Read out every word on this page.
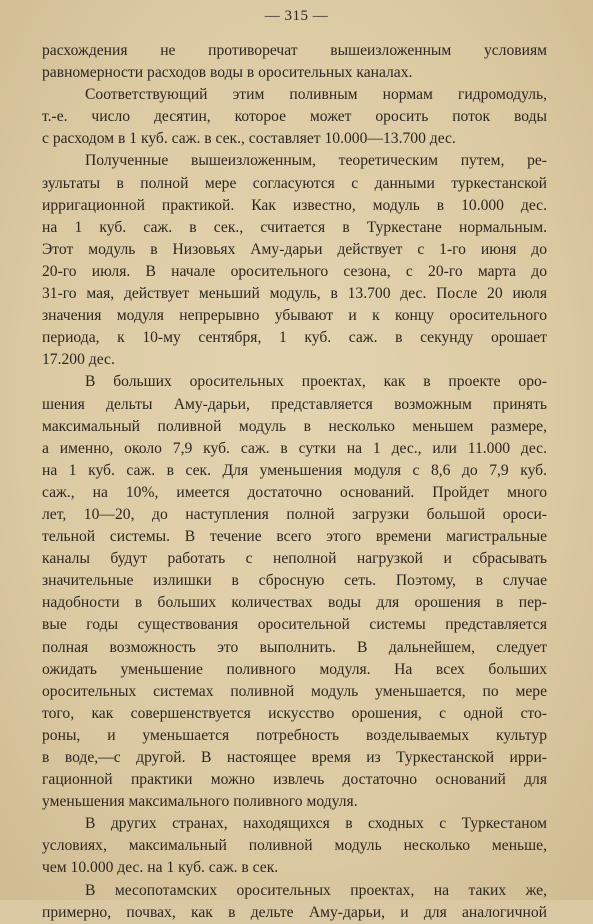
— 315 —
расхождения не противоречат вышеизложенным условиям
равномерности расходов воды в оросительных каналах.
Соответствующий этим поливным нормам гидромодуль,
т.-е. число десятин, которое может оросить поток воды
с расходом в 1 куб. саж. в сек., составляет 10.000—13.700 дес.
Полученные вышеизложенным, теоретическим путем, ре-
зультаты в полной мере согласуются с данными туркестанской
ирригационной практикой. Как известно, модуль в 10.000 дес.
на 1 куб. саж. в сек., считается в Туркестане нормальным.
Этот модуль в Низовьях Аму-дарьи действует с 1-го июня до
20-го июля. В начале оросительного сезона, с 20-го марта до
31-го мая, действует меньший модуль, в 13.700 дес. После 20 июля
значения модуля непрерывно убывают и к концу оросительного
периода, к 10-му сентября, 1 куб. саж. в секунду орошает
17.200 дес.
В больших оросительных проектах, как в проекте оро-
шения дельты Аму-дарьи, представляется возможным принять
максимальный поливной модуль в несколько меньшем размере,
а именно, около 7,9 куб. саж. в сутки на 1 дес., или 11.000 дес.
на 1 куб. саж. в сек. Для уменьшения модуля с 8,6 до 7,9 куб.
саж., на 10%, имеется достаточно оснований. Пройдет много
лет, 10—20, до наступления полной загрузки большой ороси-
тельной системы. В течение всего этого времени магистральные
каналы будут работать с неполной нагрузкой и сбрасывать
значительные излишки в сбросную сеть. Поэтому, в случае
надобности в больших количествах воды для орошения в пер-
вые годы существования оросительной системы представляется
полная возможность это выполнить. В дальнейшем, следует
ожидать уменьшение поливного модуля. На всех больших
оросительных системах поливной модуль уменьшается, по мере
того, как совершенствуется искусство орошения, с одной сто-
роны, и уменьшается потребность возделываемых культур
в воде,—с другой. В настоящее время из Туркестанской ирри-
гационной практики можно извлечь достаточно оснований для
уменьшения максимального поливного модуля.
В других странах, находящихся в сходных с Туркестаном
условиях, максимальный поливной модуль несколько меньше,
чем 10.000 дес. на 1 куб. саж. в сек.
В месопотамских оросительных проектах, на таких же,
примерно, почвах, как в дельте Аму-дарьи, и для аналогичной
